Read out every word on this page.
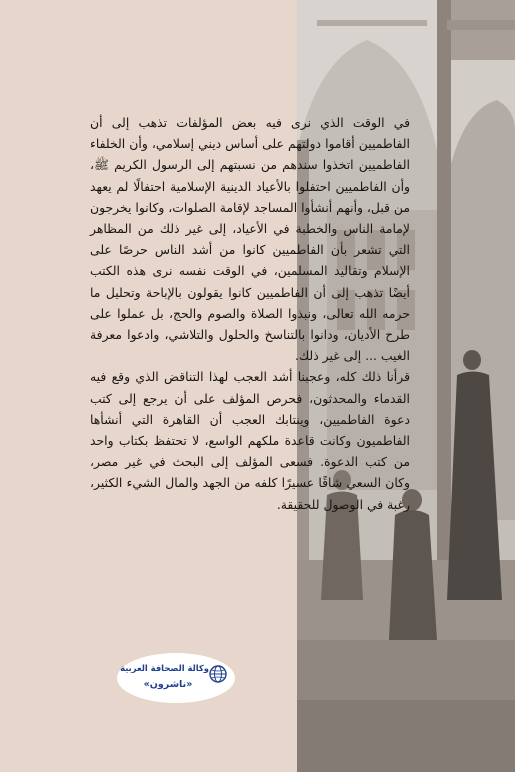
في الوقت الذي نرى فيه بعض المؤلفات تذهب إلى أن الفاطميين أقاموا دولتهم على أساس ديني إسلامي، وأن الخلفاء الفاطميين اتخذوا سندهم من نسبتهم إلى الرسول الكريم ﷺ، وأن الفاطميين احتفلوا بالأعياد الدينية الإسلامية احتفالًا لم يعهد من قبل، وأنهم أنشأوا المساجد لإقامة الصلوات، وكانوا يخرجون لإمامة الناس والخطبة في الأعياد، إلى غير ذلك من المظاهر التي تشعر بأن الفاطميين كانوا من أشد الناس حرصًا على الإسلام وتقاليد المسلمين، في الوقت نفسه نرى هذه الكتب أيضًا تذهب إلى أن الفاطميين كانوا يقولون بالإباحة وتحليل ما حرمه الله تعالى، ونبذوا الصلاة والصوم والحج، بل عملوا على طرح الأديان، ودانوا بالتناسخ والحلول والتلاشي، وادعوا معرفة الغيب ... إلى غير ذلك.

قرأنا ذلك كله، وعجبنا أشد العجب لهذا التناقض الذي وقع فيه القدماء والمحدثون، فحرص المؤلف على أن يرجع إلى كتب دعوة الفاطميين، وينتابك العجب أن القاهرة التي أنشأها الفاطميون وكانت قاعدة ملكهم الواسع، لا تحتفظ بكتاب واحد من كتب الدعوة. فسعى المؤلف إلى البحث في غير مصر، وكان السعي شاقًا عسيرًا كلفه من الجهد والمال الشيء الكثير، رغبة في الوصول للحقيقة.

وكالة الصحافة العربية
«ناشرون»
